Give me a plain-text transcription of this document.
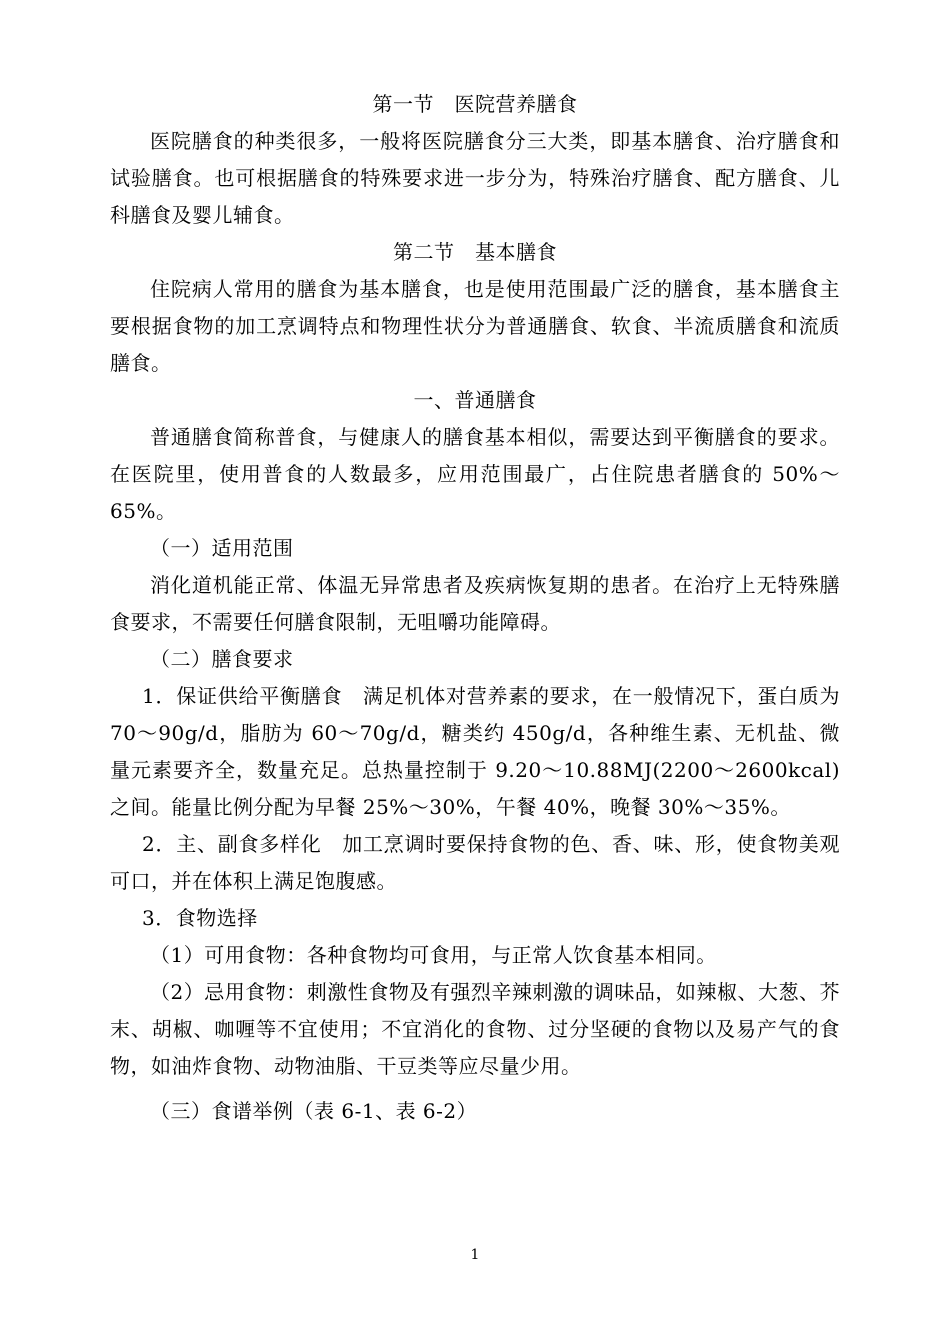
第一节　医院营养膳食

医院膳食的种类很多，一般将医院膳食分三大类，即基本膳食、治疗膳食和试验膳食。也可根据膳食的特殊要求进一步分为，特殊治疗膳食、配方膳食、儿科膳食及婴儿辅食。

第二节　基本膳食

住院病人常用的膳食为基本膳食，也是使用范围最广泛的膳食，基本膳食主要根据食物的加工烹调特点和物理性状分为普通膳食、软食、半流质膳食和流质膳食。

一、普通膳食

普通膳食简称普食，与健康人的膳食基本相似，需要达到平衡膳食的要求。在医院里，使用普食的人数最多，应用范围最广，占住院患者膳食的 50%～65%。

（一）适用范围

消化道机能正常、体温无异常患者及疾病恢复期的患者。在治疗上无特殊膳食要求，不需要任何膳食限制，无咀嚼功能障碍。

（二）膳食要求

1．保证供给平衡膳食　满足机体对营养素的要求，在一般情况下，蛋白质为 70～90g/d，脂肪为 60～70g/d，糖类约 450g/d，各种维生素、无机盐、微量元素要齐全，数量充足。总热量控制于 9.20～10.88MJ(2200～2600kcal)之间。能量比例分配为早餐 25%～30%，午餐 40%，晚餐 30%～35%。

2．主、副食多样化　加工烹调时要保持食物的色、香、味、形，使食物美观可口，并在体积上满足饱腹感。

3．食物选择

（1）可用食物：各种食物均可食用，与正常人饮食基本相同。

（2）忌用食物：刺激性食物及有强烈辛辣刺激的调味品，如辣椒、大葱、芥末、胡椒、咖喱等不宜使用；不宜消化的食物、过分坚硬的食物以及易产气的食物，如油炸食物、动物油脂、干豆类等应尽量少用。

（三）食谱举例（表 6-1、表 6-2）

1
